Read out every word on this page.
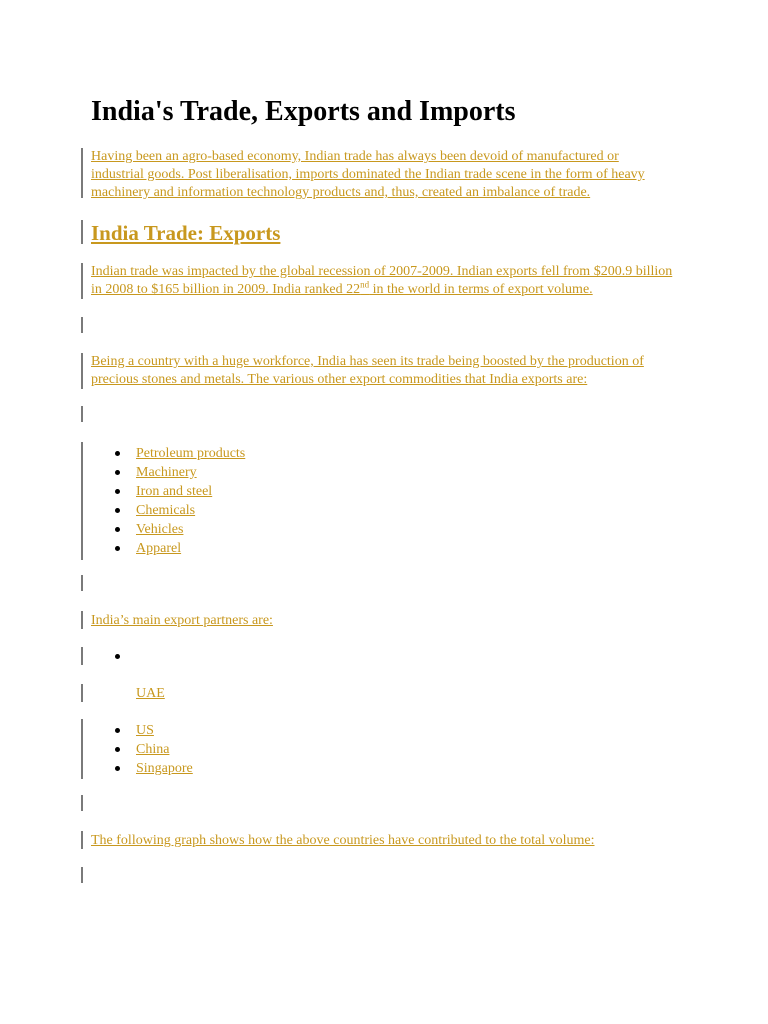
India's Trade, Exports and Imports

Having been an agro-based economy, Indian trade has always been devoid of manufactured or industrial goods. Post liberalisation, imports dominated the Indian trade scene in the form of heavy machinery and information technology products and, thus, created an imbalance of trade.

India Trade: Exports

Indian trade was impacted by the global recession of 2007-2009. Indian exports fell from $200.9 billion in 2008 to $165 billion in 2009. India ranked 22nd in the world in terms of export volume.

Being a country with a huge workforce, India has seen its trade being boosted by the production of precious stones and metals. The various other export commodities that India exports are:

Petroleum products
Machinery
Iron and steel
Chemicals
Vehicles
Apparel
India’s main export partners are:
UAE
US
China
Singapore
The following graph shows how the above countries have contributed to the total volume:
